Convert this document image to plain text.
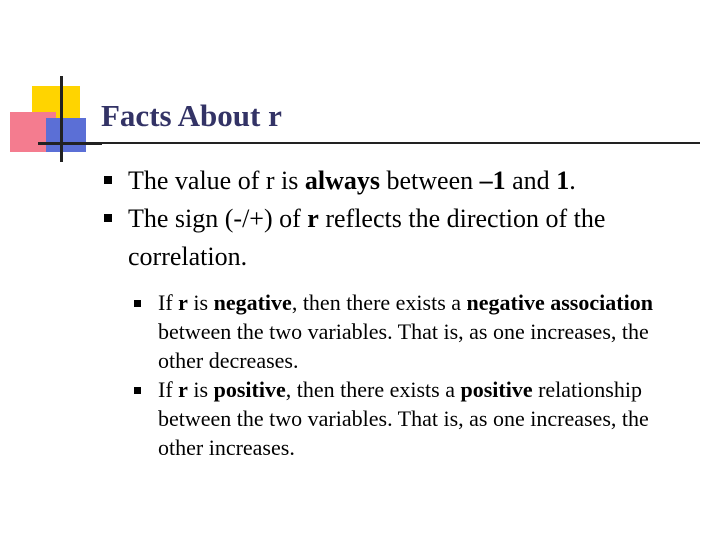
Facts About r
The value of r is always between –1 and 1.
The sign (-/+) of r reflects the direction of the correlation.
If r is negative, then there exists a negative association between the two variables. That is, as one increases, the other decreases.
If r is positive, then there exists a positive relationship between the two variables. That is, as one increases, the other increases.
